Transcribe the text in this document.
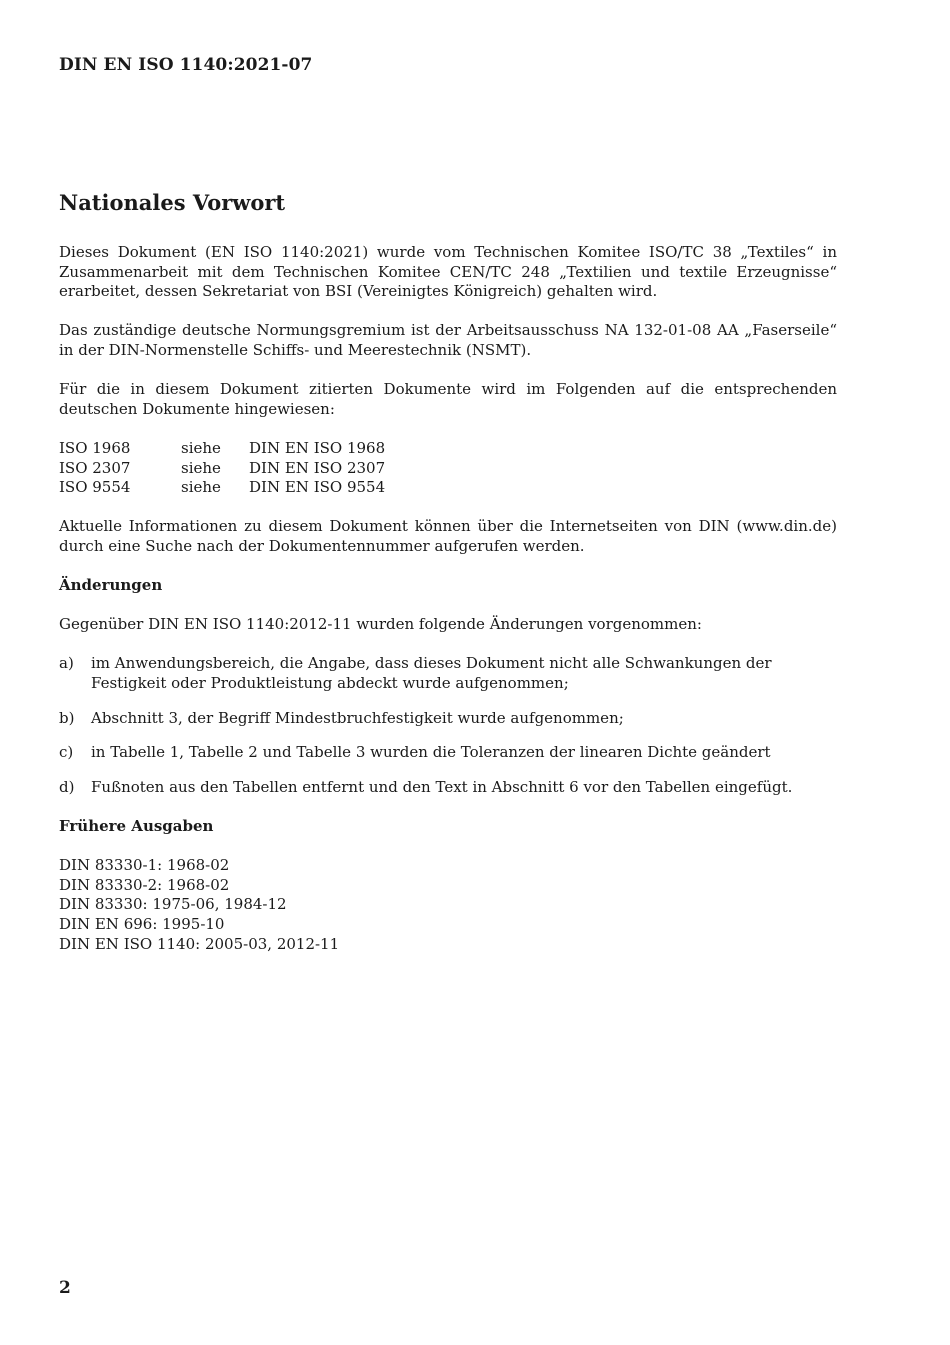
DIN EN ISO 1140:2021-07
Nationales Vorwort

Dieses Dokument (EN ISO 1140:2021) wurde vom Technischen Komitee ISO/TC 38 „Textiles“ in Zusammenarbeit mit dem Technischen Komitee CEN/TC 248 „Textilien und textile Erzeugnisse“ erarbeitet, dessen Sekretariat von BSI (Vereinigtes Königreich) gehalten wird.

Das zuständige deutsche Normungsgremium ist der Arbeitsausschuss NA 132-01-08 AA „Faserseile“ in der DIN-Normenstelle Schiffs- und Meerestechnik (NSMT).

Für die in diesem Dokument zitierten Dokumente wird im Folgenden auf die entsprechenden deutschen Dokumente hingewiesen:

ISO 1968	siehe	DIN EN ISO 1968
ISO 2307	siehe	DIN EN ISO 2307
ISO 9554	siehe	DIN EN ISO 9554

Aktuelle Informationen zu diesem Dokument können über die Internetseiten von DIN (www.din.de) durch eine Suche nach der Dokumentennummer aufgerufen werden.

Änderungen

Gegenüber DIN EN ISO 1140:2012-11 wurden folgende Änderungen vorgenommen:

a)	im Anwendungsbereich, die Angabe, dass dieses Dokument nicht alle Schwankungen der Festigkeit oder Produktleistung abdeckt wurde aufgenommen;
b)	Abschnitt 3, der Begriff Mindestbruchfestigkeit wurde aufgenommen;
c)	in Tabelle 1, Tabelle 2 und Tabelle 3 wurden die Toleranzen der linearen Dichte geändert
d)	Fußnoten aus den Tabellen entfernt und den Text in Abschnitt 6 vor den Tabellen eingefügt.
Frühere Ausgaben
DIN 83330-1: 1968-02
DIN 83330-2: 1968-02
DIN 83330: 1975-06, 1984-12
DIN EN 696: 1995-10
DIN EN ISO 1140: 2005-03, 2012-11
2
